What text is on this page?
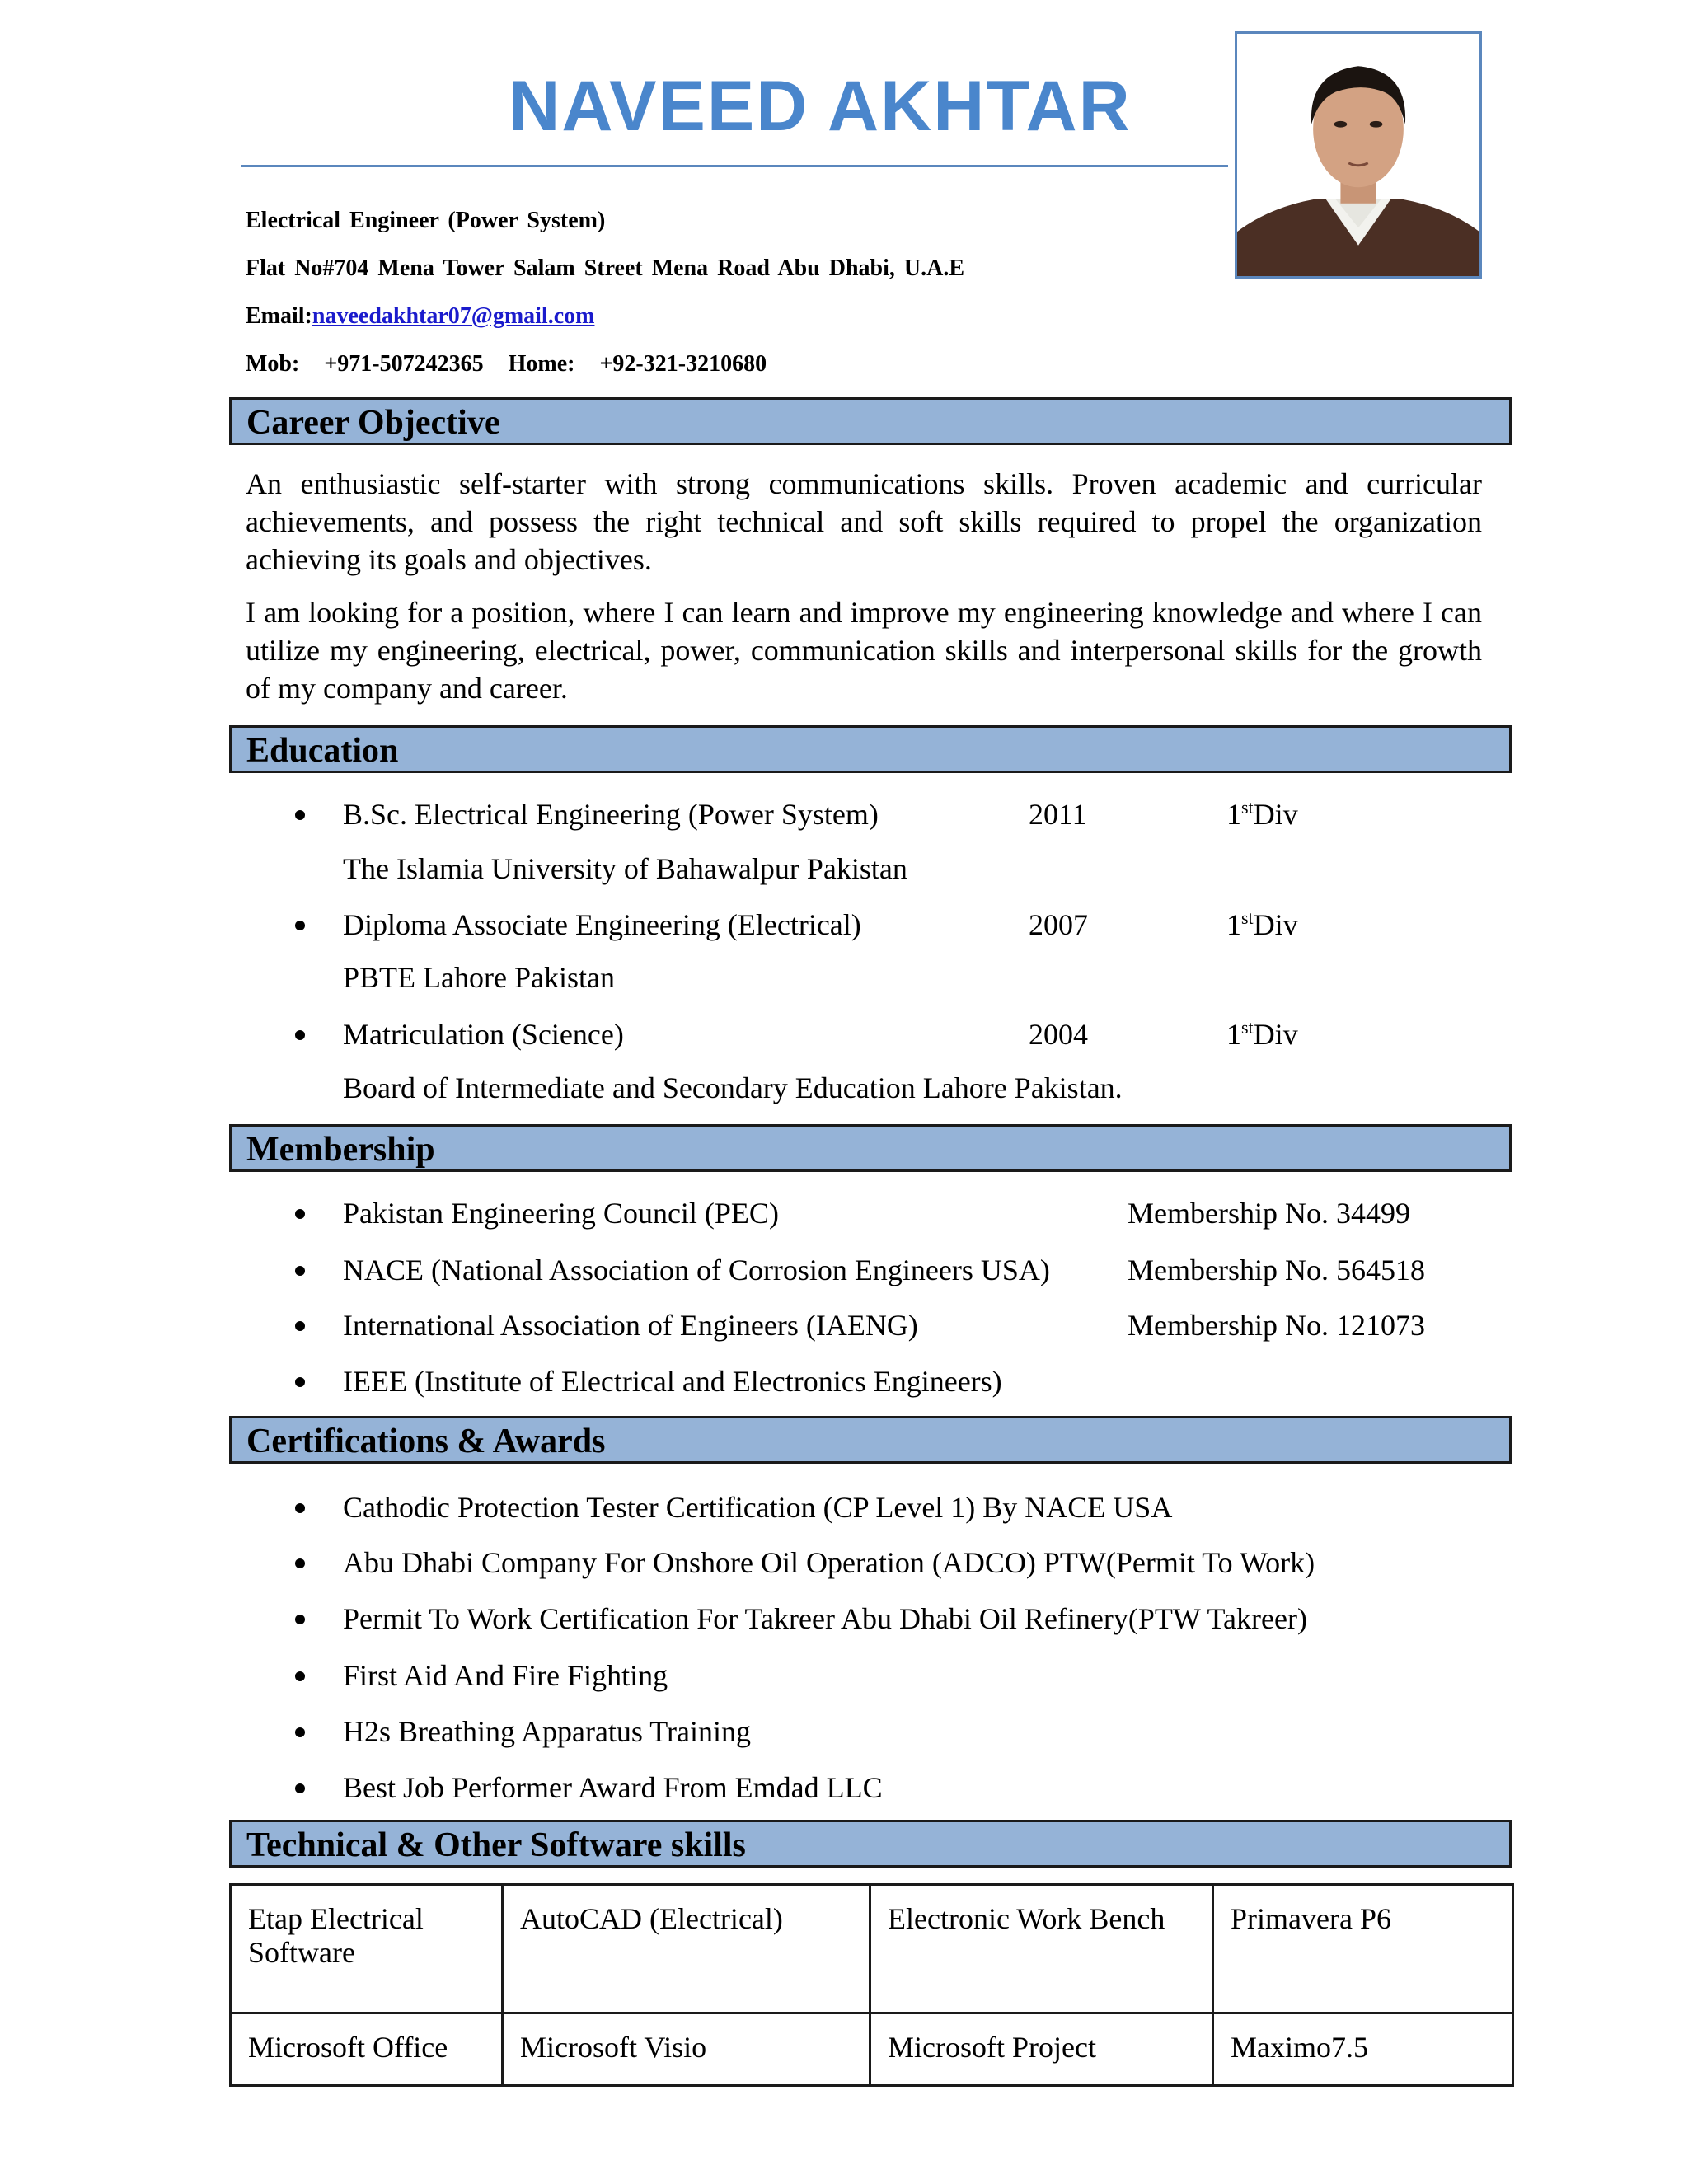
NAVEED AKHTAR
Electrical Engineer (Power System)
Flat No#704 Mena Tower Salam Street Mena Road Abu Dhabi, U.A.E
Email:naveedakhtar07@gmail.com
Mob: +971-507242365 Home: +92-321-3210680
Career Objective

An enthusiastic self-starter with strong communications skills. Proven academic and curricular achievements, and possess the right technical and soft skills required to propel the organization achieving its goals and objectives.

I am looking for a position, where I can learn and improve my engineering knowledge and where I can utilize my engineering, electrical, power, communication skills and interpersonal skills for the growth of my company and career.

Education
B.Sc. Electrical Engineering (Power System)	2011	1stDiv
The Islamia University of Bahawalpur Pakistan
Diploma Associate Engineering (Electrical)	2007	1stDiv
PBTE Lahore Pakistan
Matriculation (Science)	2004	1stDiv
Board of Intermediate and Secondary Education Lahore Pakistan.
Membership
Pakistan Engineering Council (PEC)	Membership No. 34499
NACE (National Association of Corrosion Engineers USA)	Membership No. 564518
International Association of Engineers (IAENG)	Membership No. 121073
IEEE (Institute of Electrical and Electronics Engineers)
Certifications & Awards
Cathodic Protection Tester Certification (CP Level 1) By NACE USA
Abu Dhabi Company For Onshore Oil Operation (ADCO) PTW(Permit To Work)
Permit To Work Certification For Takreer Abu Dhabi Oil Refinery(PTW Takreer)
First Aid And Fire Fighting
H2s Breathing Apparatus Training
Best Job Performer Award From Emdad LLC
Technical & Other Software skills
Etap Electrical Software	AutoCAD (Electrical)	Electronic Work Bench	Primavera P6
Microsoft Office	Microsoft Visio	Microsoft Project	Maximo7.5
